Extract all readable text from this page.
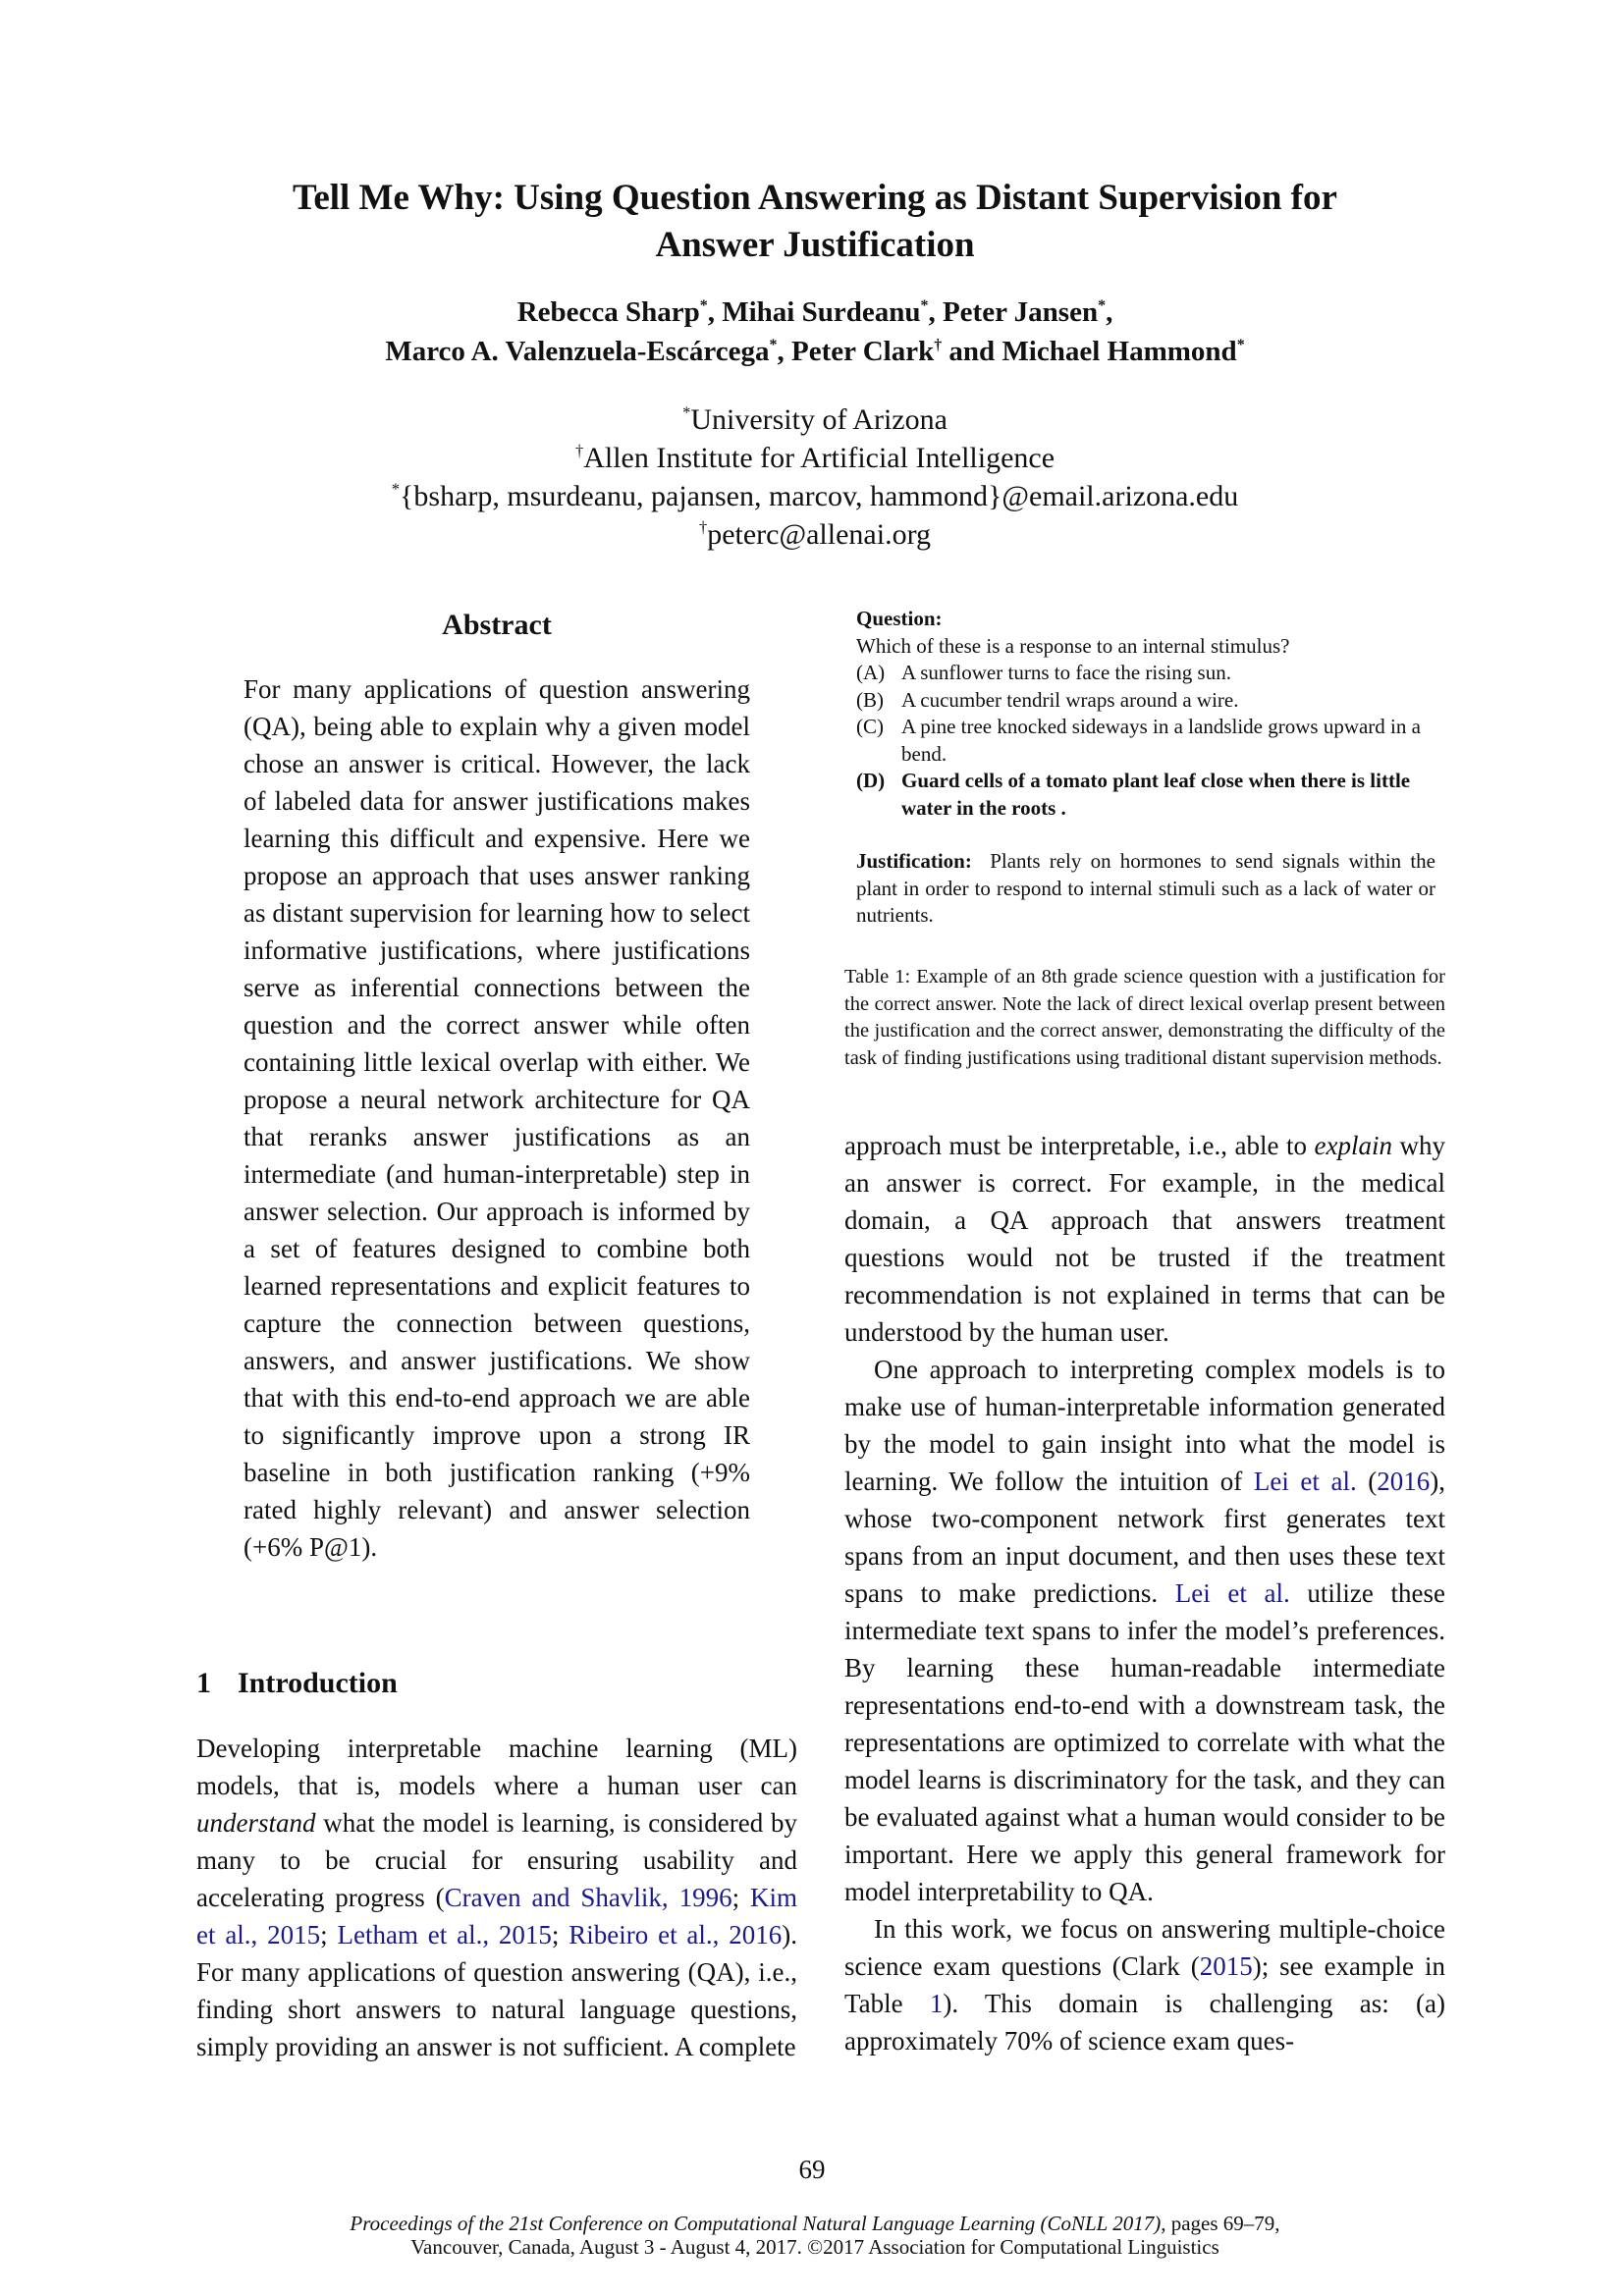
Tell Me Why: Using Question Answering as Distant Supervision for
Answer Justification
Rebecca Sharp*, Mihai Surdeanu*, Peter Jansen*,
Marco A. Valenzuela-Escárcega*, Peter Clark† and Michael Hammond*
*University of Arizona
†Allen Institute for Artificial Intelligence
*{bsharp, msurdeanu, pajansen, marcov, hammond}@email.arizona.edu
†peterc@allenai.org
Abstract
For many applications of question answering (QA), being able to explain why a given model chose an answer is critical. However, the lack of labeled data for answer justifications makes learning this difficult and expensive. Here we propose an approach that uses answer ranking as distant supervision for learning how to select informative justifications, where justifications serve as inferential connections between the question and the correct answer while often containing little lexical overlap with either. We propose a neural network architecture for QA that reranks answer justifications as an intermediate (and human-interpretable) step in answer selection. Our approach is informed by a set of features designed to combine both learned representations and explicit features to capture the connection between questions, answers, and answer justifications. We show that with this end-to-end approach we are able to significantly improve upon a strong IR baseline in both justification ranking (+9% rated highly relevant) and answer selection (+6% P@1).
1 Introduction

Developing interpretable machine learning (ML) models, that is, models where a human user can understand what the model is learning, is considered by many to be crucial for ensuring usability and accelerating progress (Craven and Shavlik, 1996; Kim et al., 2015; Letham et al., 2015; Ribeiro et al., 2016). For many applications of question answering (QA), i.e., finding short answers to natural language questions, simply providing an answer is not sufficient. A complete

Question:
Which of these is a response to an internal stimulus?
(A) A sunflower turns to face the rising sun.
(B) A cucumber tendril wraps around a wire.
(C) A pine tree knocked sideways in a landslide grows upward in a bend.
(D) Guard cells of a tomato plant leaf close when there is little water in the roots .
Justification: Plants rely on hormones to send signals within the plant in order to respond to internal stimuli such as a lack of water or nutrients.
Table 1: Example of an 8th grade science question with a justification for the correct answer. Note the lack of direct lexical overlap present between the justification and the correct answer, demonstrating the difficulty of the task of finding justifications using traditional distant supervision methods.

approach must be interpretable, i.e., able to explain why an answer is correct. For example, in the medical domain, a QA approach that answers treatment questions would not be trusted if the treatment recommendation is not explained in terms that can be understood by the human user.

One approach to interpreting complex models is to make use of human-interpretable information generated by the model to gain insight into what the model is learning. We follow the intuition of Lei et al. (2016), whose two-component network first generates text spans from an input document, and then uses these text spans to make predictions. Lei et al. utilize these intermediate text spans to infer the model’s preferences. By learning these human-readable intermediate representations end-to-end with a downstream task, the representations are optimized to correlate with what the model learns is discriminatory for the task, and they can be evaluated against what a human would consider to be important. Here we apply this general framework for model interpretability to QA.

In this work, we focus on answering multiple-choice science exam questions (Clark (2015); see example in Table 1). This domain is challenging as: (a) approximately 70% of science exam ques-

69
Proceedings of the 21st Conference on Computational Natural Language Learning (CoNLL 2017), pages 69–79,
Vancouver, Canada, August 3 - August 4, 2017. ©2017 Association for Computational Linguistics
